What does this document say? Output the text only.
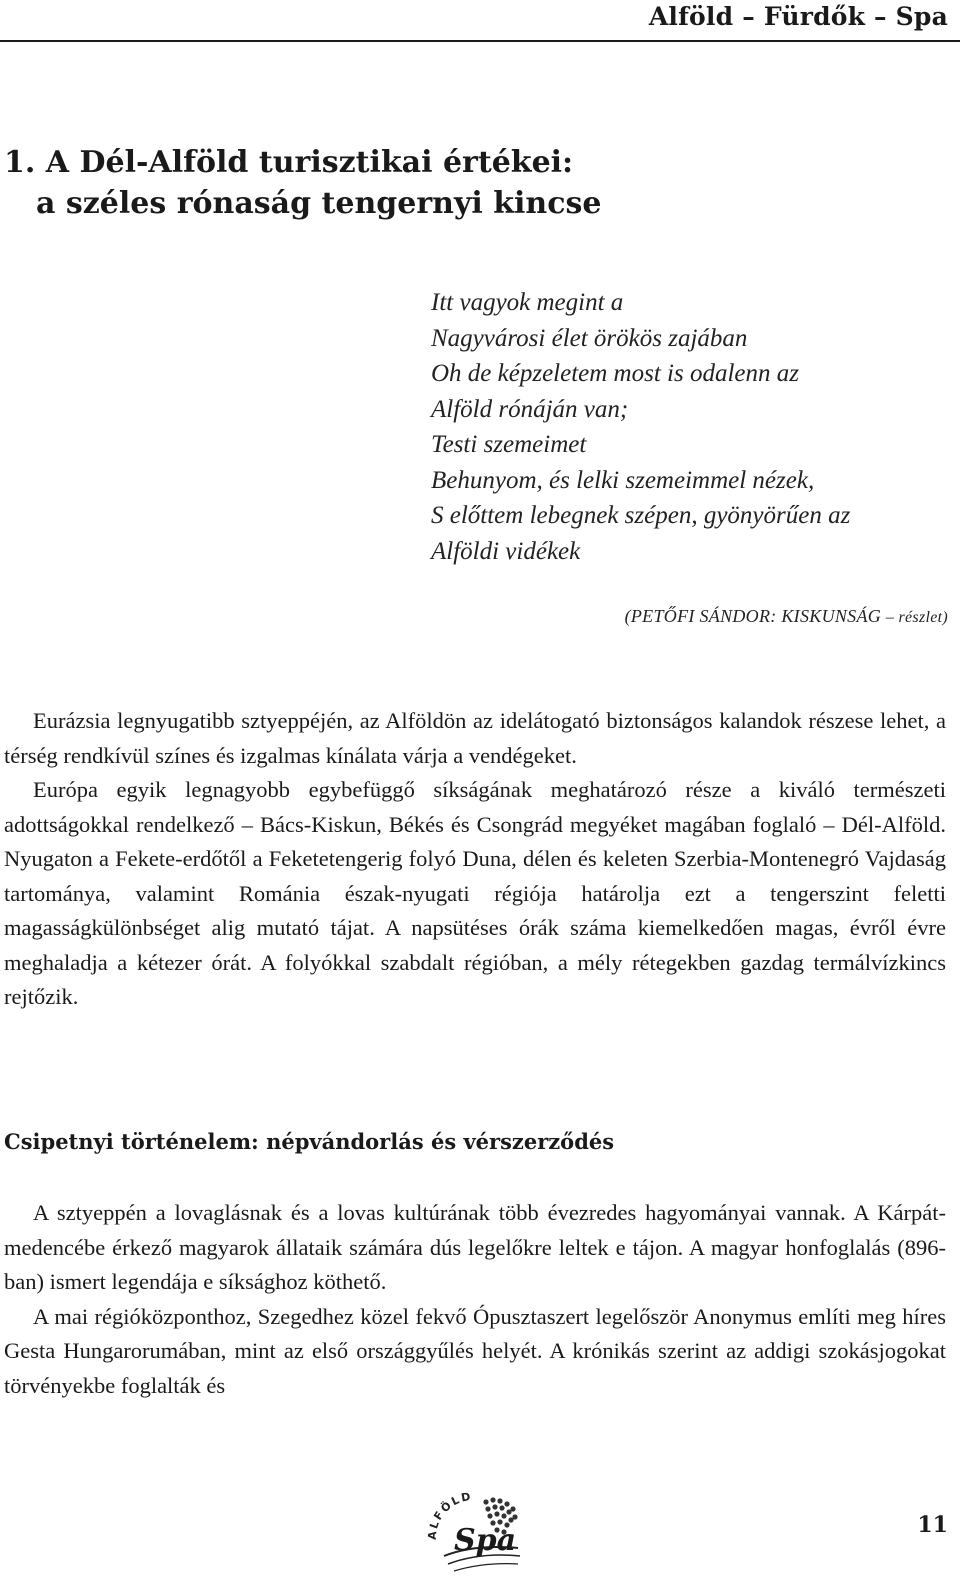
Alföld – Fürdők – Spa
1. A Dél-Alföld turisztikai értékei:
a széles rónaság tengernyi kincse
Itt vagyok megint a
Nagyvárosi élet örökös zajában
Oh de képzeletem most is odalenn az
Alföld rónáján van;
Testi szemeimet
Behunyom, és lelki szemeimmel nézek,
S előttem lebegnek szépen, gyönyörűen az
Alföldi vidékek
(PETŐFI SÁNDOR: KISKUNSÁG – részlet)

Eurázsia legnyugatibb sztyeppéjén, az Alföldön az idelátogató biztonságos kalandok részese lehet, a térség rendkívül színes és izgalmas kínálata várja a vendégeket.

Európa egyik legnagyobb egybefüggő síkságának meghatározó része a kiváló természeti adottságokkal rendelkező – Bács-Kiskun, Békés és Csongrád megyéket magában foglaló – Dél-Alföld. Nyugaton a Fekete-erdőtől a Feketetengerig folyó Duna, délen és keleten Szerbia-Montenegró Vajdaság tartománya, valamint Románia észak-nyugati régiója határolja ezt a tengerszint feletti magasságkülönbséget alig mutató tájat. A napsütéses órák száma kiemelkedően magas, évről évre meghaladja a kétezer órát. A folyókkal szabdalt régióban, a mély rétegekben gazdag termálvízkincs rejtőzik.

Csipetnyi történelem: népvándorlás és vérszerződés

A sztyeppén a lovaglásnak és a lovas kultúrának több évezredes hagyományai vannak. A Kárpát-medencébe érkező magyarok állataik számára dús legelőkre leltek e tájon. A magyar honfoglalás (896-ban) ismert legendája e síksághoz köthető.

A mai régióközponthoz, Szegedhez közel fekvő Ópusztaszert legelőször Anonymus említi meg híres Gesta Hungarorumában, mint az első országgyűlés helyét. A krónikás szerint az addigi szokásjogokat törvényekbe foglalták és

ALFÖLD
Spa	11
